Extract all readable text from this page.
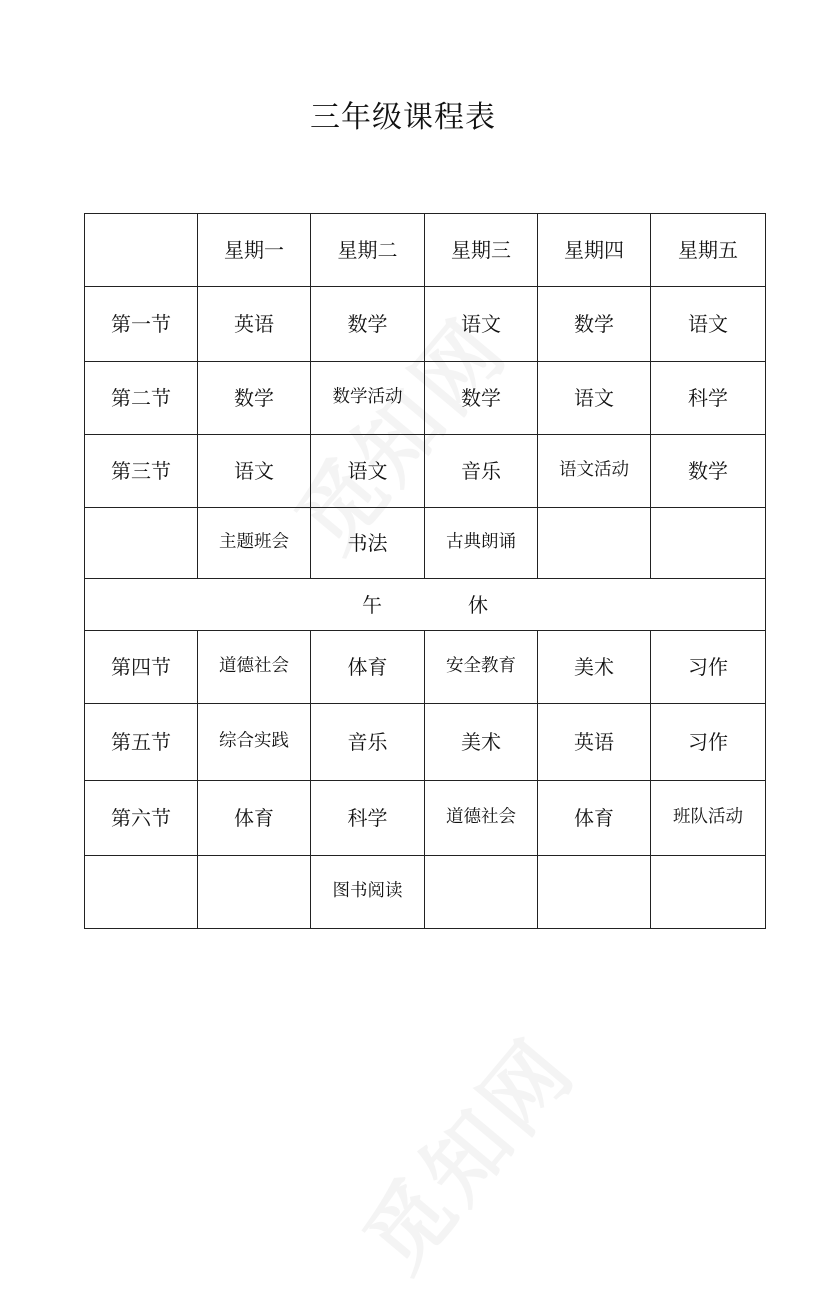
三年级课程表
	星期一	星期二	星期三	星期四	星期五
第一节	英语	数学	语文	数学	语文
第二节	数学	数学活动	数学	语文	科学
第三节	语文	语文	音乐	语文活动	数学
	主题班会	书法	古典朗诵		
午 休					
第四节	道德社会	体育	安全教育	美术	习作
第五节	综合实践	音乐	美术	英语	习作
第六节	体育	科学	道德社会	体育	班队活动
		图书阅读			
